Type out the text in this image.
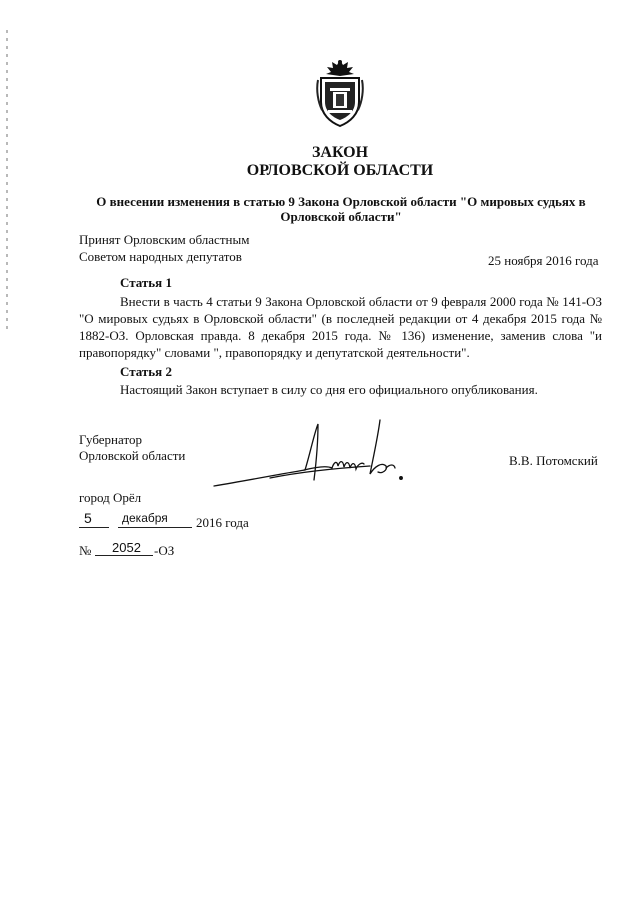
ЗАКОН
ОРЛОВСКОЙ ОБЛАСТИ
О внесении изменения в статью 9 Закона Орловской области "О мировых судьях в Орловской области"
Принят Орловским областным
Советом народных депутатов	25 ноября 2016 года
Статья 1
Внести в часть 4 статьи 9 Закона Орловской области от 9 февраля 2000 года № 141-ОЗ "О мировых судьях в Орловской области" (в последней редакции от 4 декабря 2015 года № 1882-ОЗ. Орловская правда. 8 декабря 2015 года. № 136) изменение, заменив слова "и правопорядку" словами ", правопорядку и депутатской деятельности".
Статья 2
Настоящий Закон вступает в силу со дня его официального опубликования.
Губернатор
Орловской области	В.В. Потомский
город Орёл
5	декабря 2016 года
№ 2052 -ОЗ
